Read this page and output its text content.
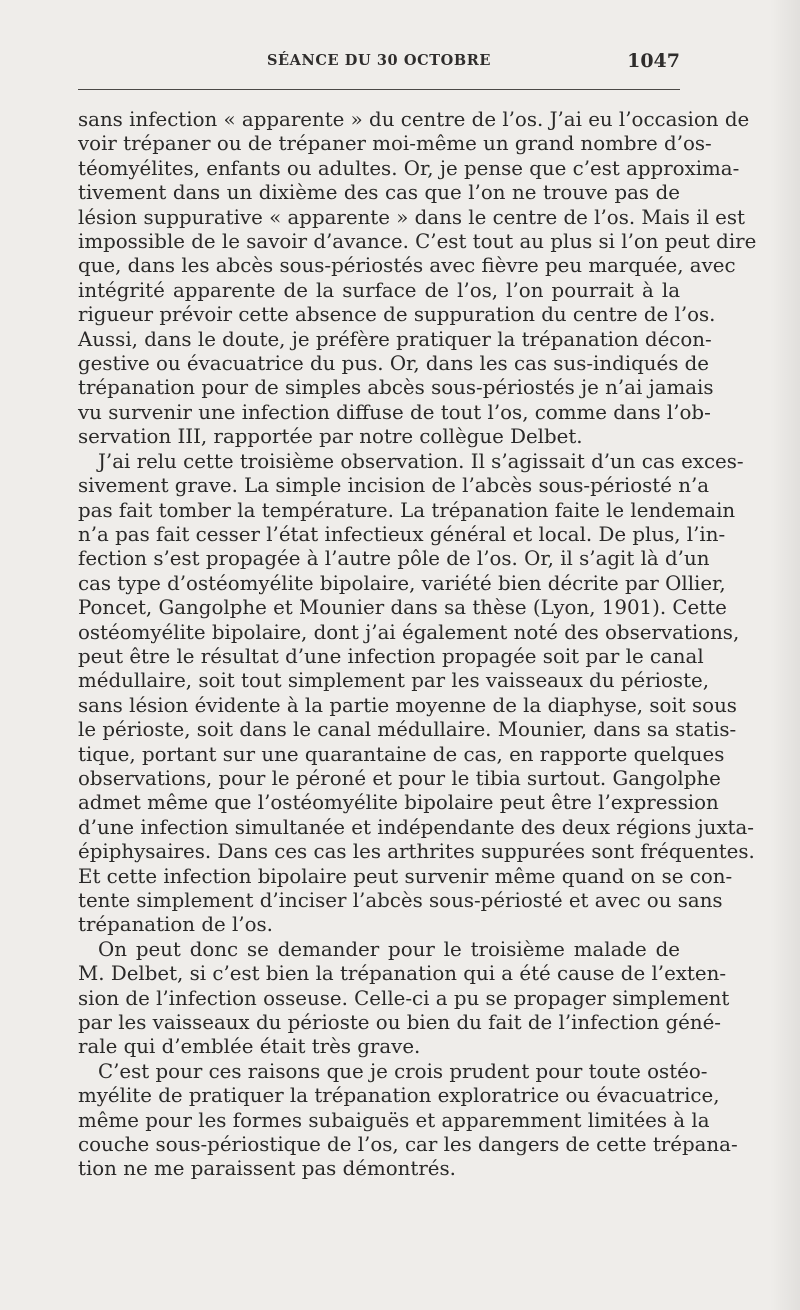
SÉANCE DU 30 OCTOBRE	1047
sans infection « apparente » du centre de l’os. J’ai eu l’occasion de
voir trépaner ou de trépaner moi-même un grand nombre d’os-
téomyélites, enfants ou adultes. Or, je pense que c’est approxima-
tivement dans un dixième des cas que l’on ne trouve pas de
lésion suppurative « apparente » dans le centre de l’os. Mais il est
impossible de le savoir d’avance. C’est tout au plus si l’on peut dire
que, dans les abcès sous-périostés avec fièvre peu marquée, avec
intégrité apparente de la surface de l’os, l’on pourrait à la
rigueur prévoir cette absence de suppuration du centre de l’os.
Aussi, dans le doute, je préfère pratiquer la trépanation décon-
gestive ou évacuatrice du pus. Or, dans les cas sus-indiqués de
trépanation pour de simples abcès sous-périostés je n’ai jamais
vu survenir une infection diffuse de tout l’os, comme dans l’ob-
servation III, rapportée par notre collègue Delbet.
J’ai relu cette troisième observation. Il s’agissait d’un cas exces-
sivement grave. La simple incision de l’abcès sous-périosté n’a
pas fait tomber la température. La trépanation faite le lendemain
n’a pas fait cesser l’état infectieux général et local. De plus, l’in-
fection s’est propagée à l’autre pôle de l’os. Or, il s’agit là d’un
cas type d’ostéomyélite bipolaire, variété bien décrite par Ollier,
Poncet, Gangolphe et Mounier dans sa thèse (Lyon, 1901). Cette
ostéomyélite bipolaire, dont j’ai également noté des observations,
peut être le résultat d’une infection propagée soit par le canal
médullaire, soit tout simplement par les vaisseaux du périoste,
sans lésion évidente à la partie moyenne de la diaphyse, soit sous
le périoste, soit dans le canal médullaire. Mounier, dans sa statis-
tique, portant sur une quarantaine de cas, en rapporte quelques
observations, pour le péroné et pour le tibia surtout. Gangolphe
admet même que l’ostéomyélite bipolaire peut être l’expression
d’une infection simultanée et indépendante des deux régions juxta-
épiphysaires. Dans ces cas les arthrites suppurées sont fréquentes.
Et cette infection bipolaire peut survenir même quand on se con-
tente simplement d’inciser l’abcès sous-périosté et avec ou sans
trépanation de l’os.
On peut donc se demander pour le troisième malade de
M. Delbet, si c’est bien la trépanation qui a été cause de l’exten-
sion de l’infection osseuse. Celle-ci a pu se propager simplement
par les vaisseaux du périoste ou bien du fait de l’infection géné-
rale qui d’emblée était très grave.
C’est pour ces raisons que je crois prudent pour toute ostéo-
myélite de pratiquer la trépanation exploratrice ou évacuatrice,
même pour les formes subaiguës et apparemment limitées à la
couche sous-périostique de l’os, car les dangers de cette trépana-
tion ne me paraissent pas démontrés.
